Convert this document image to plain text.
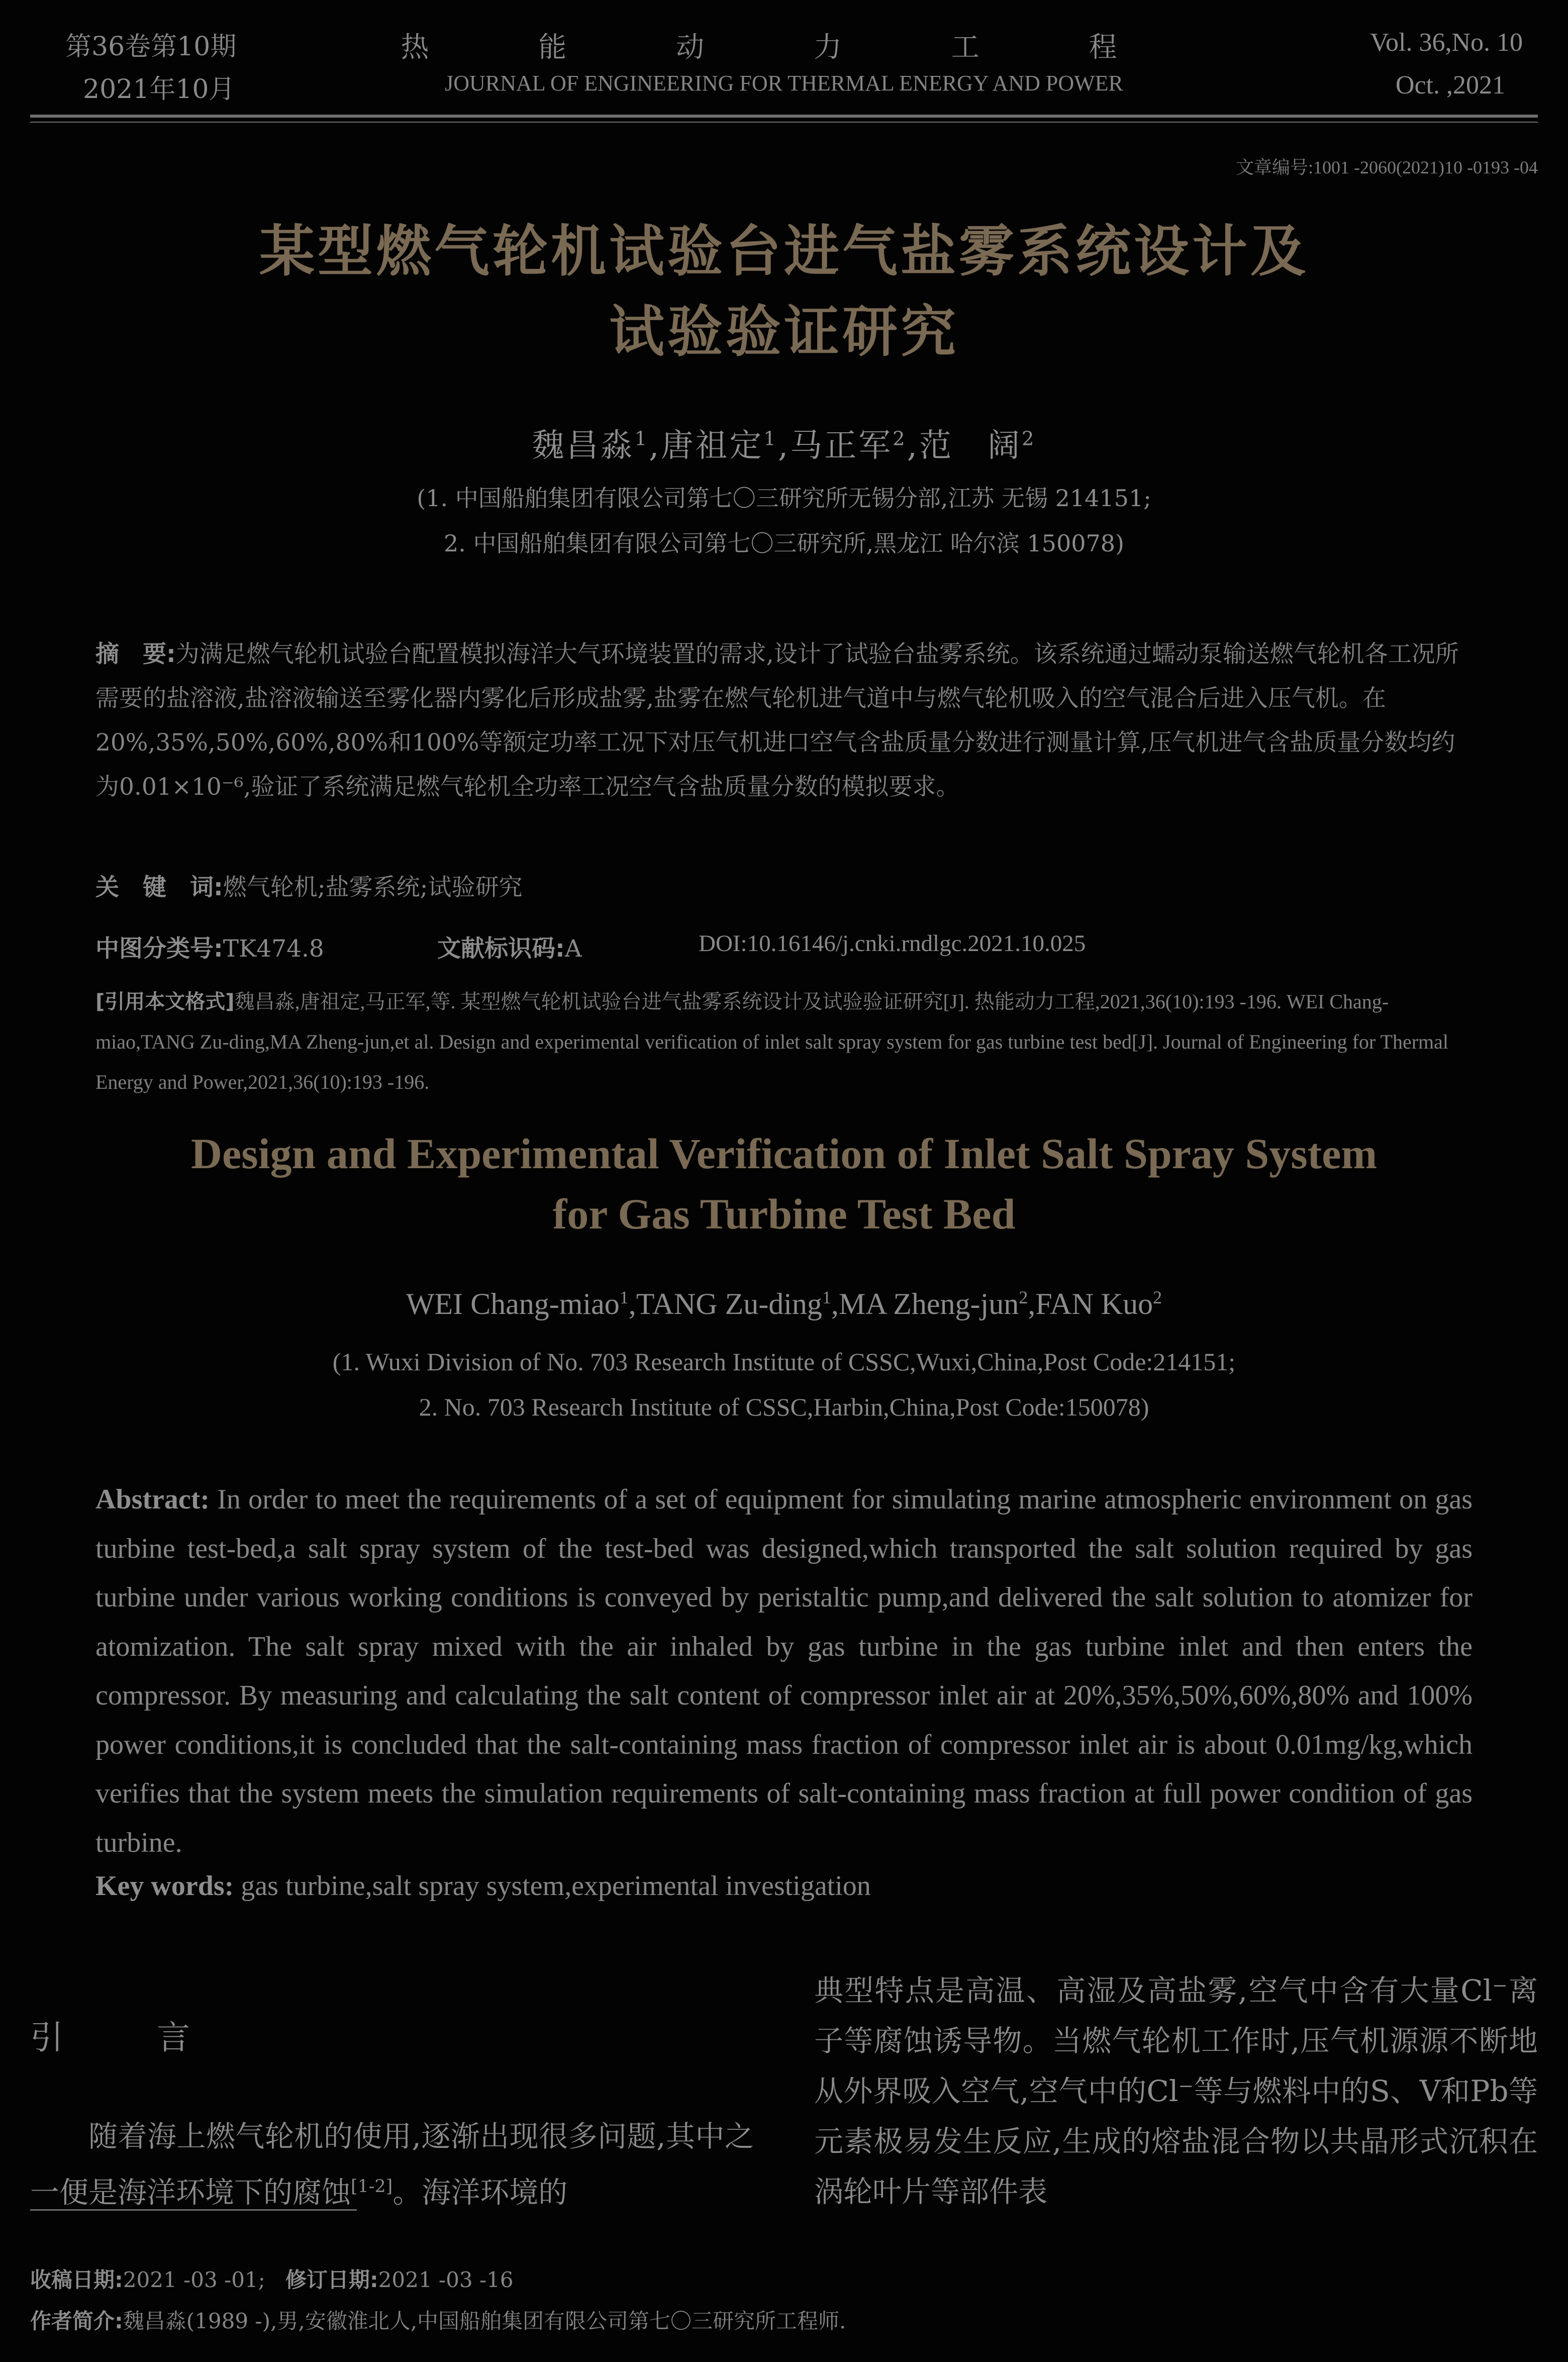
第36卷第10期
2021年10月
热 能 动 力 工 程
JOURNAL OF ENGINEERING FOR THERMAL ENERGY AND POWER
Vol. 36,No. 10
Oct. ,2021
文章编号:1001 -2060(2021)10 -0193 -04
某型燃气轮机试验台进气盐雾系统设计及
试验验证研究
魏昌淼$^1$,唐祖定$^1$,马正军$^2$,范　阔$^2$
(1. 中国船舶集团有限公司第七〇三研究所无锡分部,江苏 无锡 214151;
2. 中国船舶集团有限公司第七〇三研究所,黑龙江 哈尔滨 150078)
摘　要:为满足燃气轮机试验台配置模拟海洋大气环境装置的需求,设计了试验台盐雾系统。该系统通过蠕动泵输送燃气轮机各工况所需要的盐溶液,盐溶液输送至雾化器内雾化后形成盐雾,盐雾在燃气轮机进气道中与燃气轮机吸入的空气混合后进入压气机。在20%,35%,50%,60%,80%和100%等额定功率工况下对压气机进口空气含盐质量分数进行测量计算,压气机进气含盐质量分数均约为0.01×10⁻⁶,验证了系统满足燃气轮机全功率工况空气含盐质量分数的模拟要求。
关　键　词:燃气轮机;盐雾系统;试验研究
中图分类号:TK474.8	文献标识码:A	DOI:10.16146/j.cnki.rndlgc.2021.10.025
[引用本文格式]魏昌淼,唐祖定,马正军,等. 某型燃气轮机试验台进气盐雾系统设计及试验验证研究[J]. 热能动力工程,2021,36(10):193 -196. WEI Chang-miao,TANG Zu-ding,MA Zheng-jun,et al. Design and experimental verification of inlet salt spray system for gas turbine test bed[J]. Journal of Engineering for Thermal Energy and Power,2021,36(10):193 -196.
Design and Experimental Verification of Inlet Salt Spray System
for Gas Turbine Test Bed
WEI Chang-miao$^1$,TANG Zu-ding$^1$,MA Zheng-jun$^2$,FAN Kuo$^2$
(1. Wuxi Division of No. 703 Research Institute of CSSC,Wuxi,China,Post Code:214151;
2. No. 703 Research Institute of CSSC,Harbin,China,Post Code:150078)
Abstract: In order to meet the requirements of a set of equipment for simulating marine atmospheric environment on gas turbine test-bed,a salt spray system of the test-bed was designed,which transported the salt solution required by gas turbine under various working conditions is conveyed by peristaltic pump,and delivered the salt solution to atomizer for atomization. The salt spray mixed with the air inhaled by gas turbine in the gas turbine inlet and then enters the compressor. By measuring and calculating the salt content of compressor inlet air at 20%,35%,50%,60%,80% and 100% power conditions,it is concluded that the salt-containing mass fraction of compressor inlet air is about 0.01mg/kg,which verifies that the system meets the simulation requirements of salt-containing mass fraction at full power condition of gas turbine.
Key words: gas turbine,salt spray system,experimental investigation
引　言
随着海上燃气轮机的使用,逐渐出现很多问题,其中之一便是海洋环境下的腐蚀[1-2]。海洋环境的
典型特点是高温、高湿及高盐雾,空气中含有大量Cl⁻离子等腐蚀诱导物。当燃气轮机工作时,压气机源源不断地从外界吸入空气,空气中的Cl⁻等与燃料中的S、V和Pb等元素极易发生反应,生成的熔盐混合物以共晶形式沉积在涡轮叶片等部件表
收稿日期:2021 -03 -01; 修订日期:2021 -03 -16
作者简介:魏昌淼(1989 -),男,安徽淮北人,中国船舶集团有限公司第七〇三研究所工程师.
